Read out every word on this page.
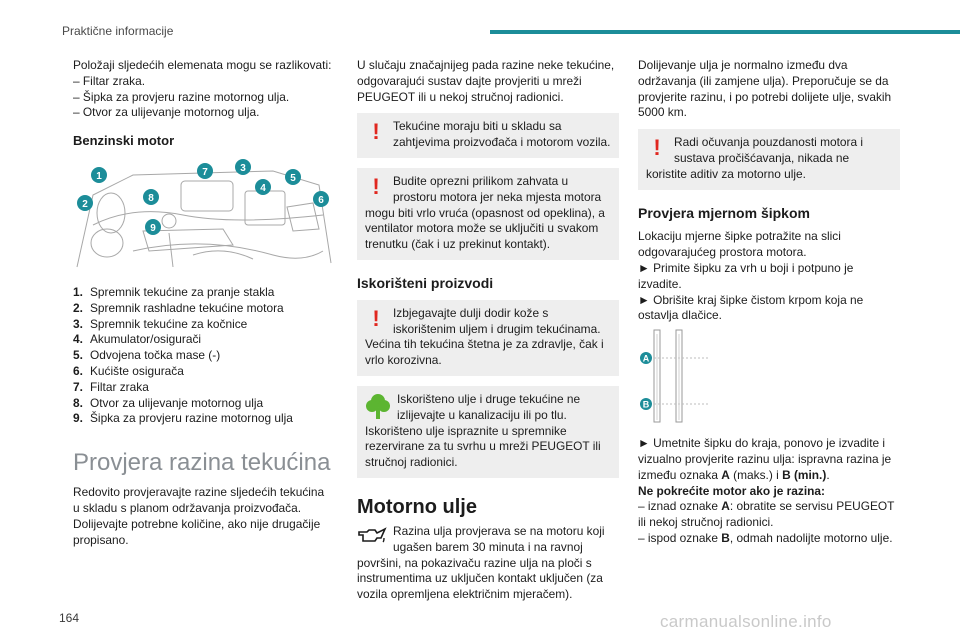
Praktične informacije
Položaji sljedećih elemenata mogu se razlikovati:
– Filtar zraka.
– Šipka za provjeru razine motornog ulja.
– Otvor za ulijevanje motornog ulja.
Benzinski motor
1
2
3
4
5
6
7
8
9
1. Spremnik tekućine za pranje stakla
2. Spremnik rashladne tekućine motora
3. Spremnik tekućine za kočnice
4. Akumulator/osigurači
5. Odvojena točka mase (-)
6. Kućište osigurača
7. Filtar zraka
8. Otvor za ulijevanje motornog ulja
9. Šipka za provjeru razine motornog ulja
Provjera razina tekućina
Redovito provjeravajte razine sljedećih tekućina
u skladu s planom održavanja proizvođača.
Dolijevajte potrebne količine, ako nije drugačije
propisano.
U slučaju značajnijeg pada razine neke tekućine,
odgovarajući sustav dajte provjeriti u mreži
PEUGEOT ili u nekoj stručnoj radionici.
!	Tekućine moraju biti u skladu sa
zahtjevima proizvođača i motorom vozila.
!	Budite oprezni prilikom zahvata u
prostoru motora jer neka mjesta motora
mogu biti vrlo vruća (opasnost od opeklina), a
ventilator motora može se uključiti u svakom
trenutku (čak i uz prekinut kontakt).
Iskorišteni proizvodi
!	Izbjegavajte dulji dodir kože s
iskorištenim uljem i drugim tekućinama.
Većina tih tekućina štetna je za zdravlje, čak i
vrlo korozivna.
Iskorišteno ulje i druge tekućine ne
izlijevajte u kanalizaciju ili po tlu.
Iskorišteno ulje ispraznite u spremnike
rezervirane za tu svrhu u mreži PEUGEOT ili
stručnoj radionici.
Motorno ulje
Razina ulja provjerava se na motoru koji
ugašen barem 30 minuta i na ravnoj
površini, na pokazivaču razine ulja na ploči s
instrumentima uz uključen kontakt uključen (za
vozila opremljena električnim mjeračem).
Dolijevanje ulja je normalno između dva
održavanja (ili zamjene ulja). Preporučuje se da
provjerite razinu, i po potrebi dolijete ulje, svakih
5000 km.
!	Radi očuvanja pouzdanosti motora i
sustava pročišćavanja, nikada ne
koristite aditiv za motorno ulje.
Provjera mjernom šipkom
Lokaciju mjerne šipke potražite na slici
odgovarajućeg prostora motora.
► Primite šipku za vrh u boji i potpuno je
izvadite.
► Obrišite kraj šipke čistom krpom koja ne
ostavlja dlačice.
A
B
► Umetnite šipku do kraja, ponovo je izvadite i
vizualno provjerite razinu ulja: ispravna razina je
između oznaka A (maks.) i B (min.).
Ne pokrećite motor ako je razina:
– iznad oznake A: obratite se servisu PEUGEOT
ili nekoj stručnoj radionici.
– ispod oznake B, odmah nadolijte motorno ulje.
164	carmanualsonline.info
